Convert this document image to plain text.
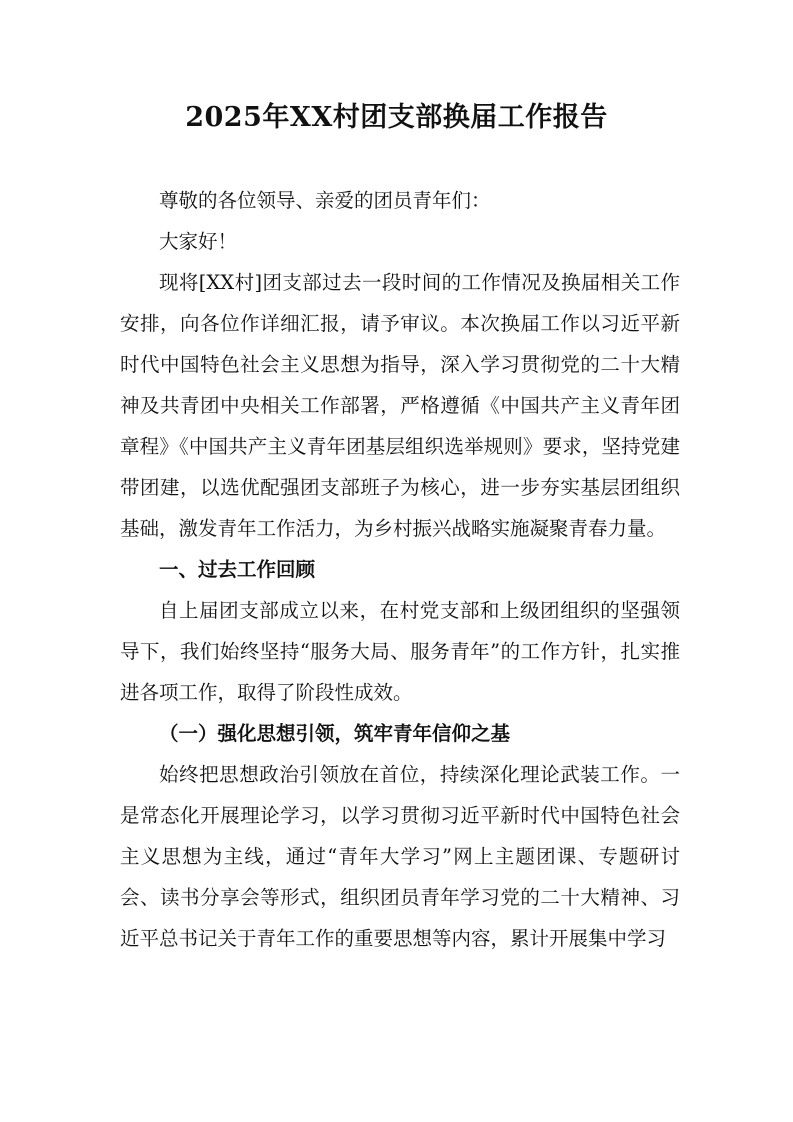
2025年XX村团支部换届工作报告

尊敬的各位领导、亲爱的团员青年们：

大家好！

现将[XX村]团支部过去一段时间的工作情况及换届相关工作安排，向各位作详细汇报，请予审议。本次换届工作以习近平新时代中国特色社会主义思想为指导，深入学习贯彻党的二十大精神及共青团中央相关工作部署，严格遵循《中国共产主义青年团章程》《中国共产主义青年团基层组织选举规则》要求，坚持党建带团建，以选优配强团支部班子为核心，进一步夯实基层团组织基础，激发青年工作活力，为乡村振兴战略实施凝聚青春力量。

一、过去工作回顾

自上届团支部成立以来，在村党支部和上级团组织的坚强领导下，我们始终坚持“服务大局、服务青年”的工作方针，扎实推进各项工作，取得了阶段性成效。

（一）强化思想引领，筑牢青年信仰之基

始终把思想政治引领放在首位，持续深化理论武装工作。一是常态化开展理论学习，以学习贯彻习近平新时代中国特色社会主义思想为主线，通过“青年大学习”网上主题团课、专题研讨会、读书分享会等形式，组织团员青年学习党的二十大精神、习近平总书记关于青年工作的重要思想等内容，累计开展集中学习
